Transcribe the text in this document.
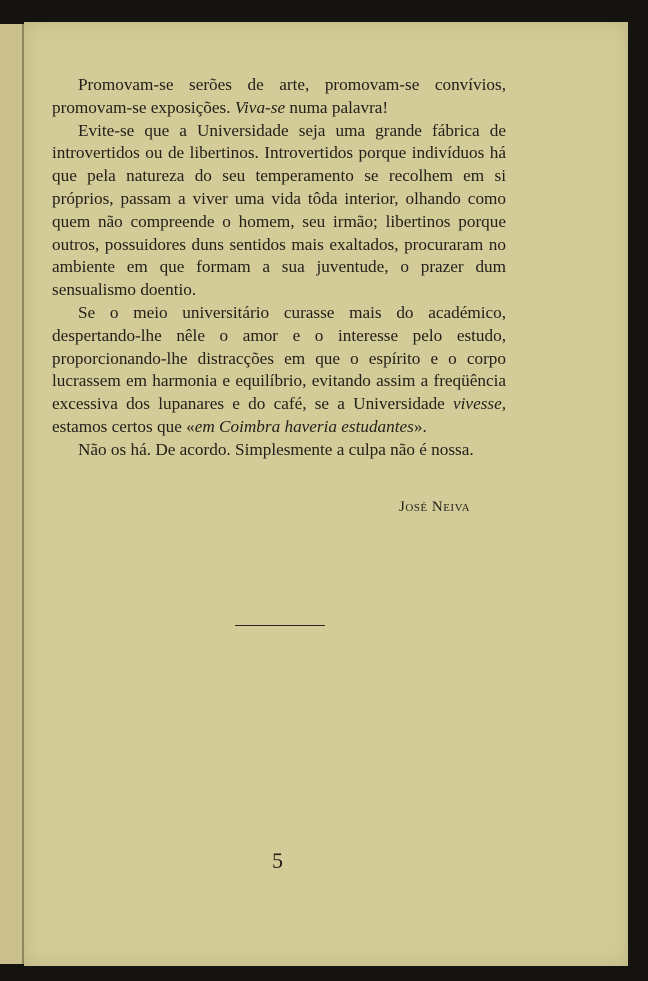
Promovam-se serões de arte, promovam-se convívios, promovam-se exposições. Viva-se numa palavra!

Evite-se que a Universidade seja uma grande fábrica de introvertidos ou de libertinos. Introvertidos porque indivíduos há que pela natureza do seu temperamento se recolhem em si próprios, passam a viver uma vida tôda interior, olhando como quem não compreende o homem, seu irmão; libertinos porque outros, possuidores duns sentidos mais exaltados, procuraram no ambiente em que formam a sua juventude, o prazer dum sensualismo doentio.

Se o meio universitário curasse mais do académico, despertando-lhe nêle o amor e o interesse pelo estudo, proporcionando-lhe distracções em que o espírito e o corpo lucrassem em harmonia e equilíbrio, evitando assim a freqüência excessiva dos lupanares e do café, se a Universidade vivesse, estamos certos que «em Coimbra haveria estudantes».

Não os há. De acordo. Simplesmente a culpa não é nossa.

José Neiva
5
